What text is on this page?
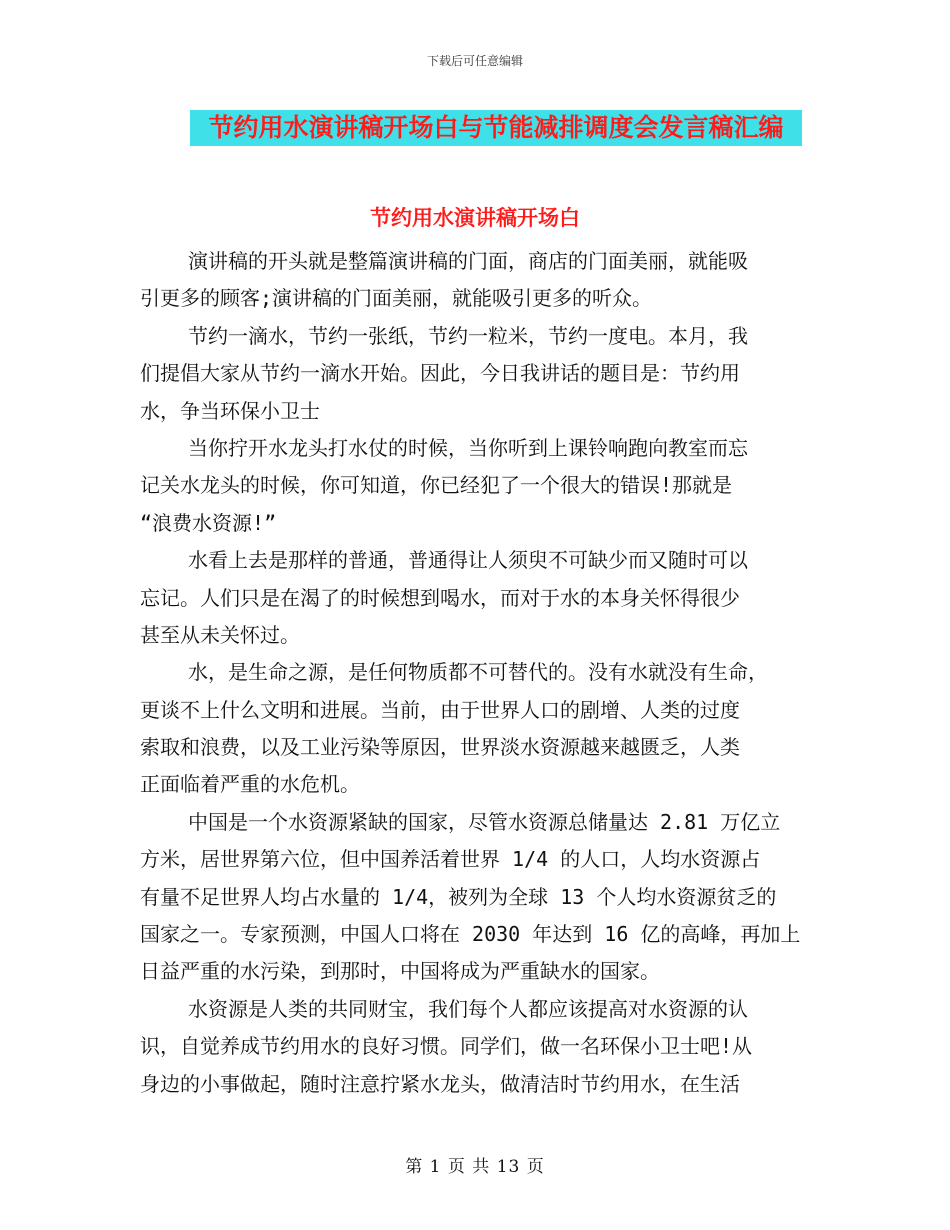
下载后可任意编辑
节约用水演讲稿开场白与节能减排调度会发言稿汇编
节约用水演讲稿开场白
演讲稿的开头就是整篇演讲稿的门面，商店的门面美丽，就能吸
引更多的顾客;演讲稿的门面美丽，就能吸引更多的听众。
节约一滴水，节约一张纸，节约一粒米，节约一度电。本月，我
们提倡大家从节约一滴水开始。因此，今日我讲话的题目是：节约用
水，争当环保小卫士
当你拧开水龙头打水仗的时候，当你听到上课铃响跑向教室而忘
记关水龙头的时候，你可知道，你已经犯了一个很大的错误!那就是
“浪费水资源!”
水看上去是那样的普通，普通得让人须臾不可缺少而又随时可以
忘记。人们只是在渴了的时候想到喝水，而对于水的本身关怀得很少
甚至从未关怀过。
水，是生命之源，是任何物质都不可替代的。没有水就没有生命，
更谈不上什么文明和进展。当前，由于世界人口的剧增、人类的过度
索取和浪费，以及工业污染等原因，世界淡水资源越来越匮乏，人类
正面临着严重的水危机。
中国是一个水资源紧缺的国家，尽管水资源总储量达 2.81 万亿立
方米，居世界第六位，但中国养活着世界 1/4 的人口，人均水资源占
有量不足世界人均占水量的 1/4，被列为全球 13 个人均水资源贫乏的
国家之一。专家预测，中国人口将在 2030 年达到 16 亿的高峰，再加上
日益严重的水污染，到那时，中国将成为严重缺水的国家。
水资源是人类的共同财宝，我们每个人都应该提高对水资源的认
识，自觉养成节约用水的良好习惯。同学们，做一名环保小卫士吧!从
身边的小事做起，随时注意拧紧水龙头，做清洁时节约用水，在生活
第 1 页 共 13 页
